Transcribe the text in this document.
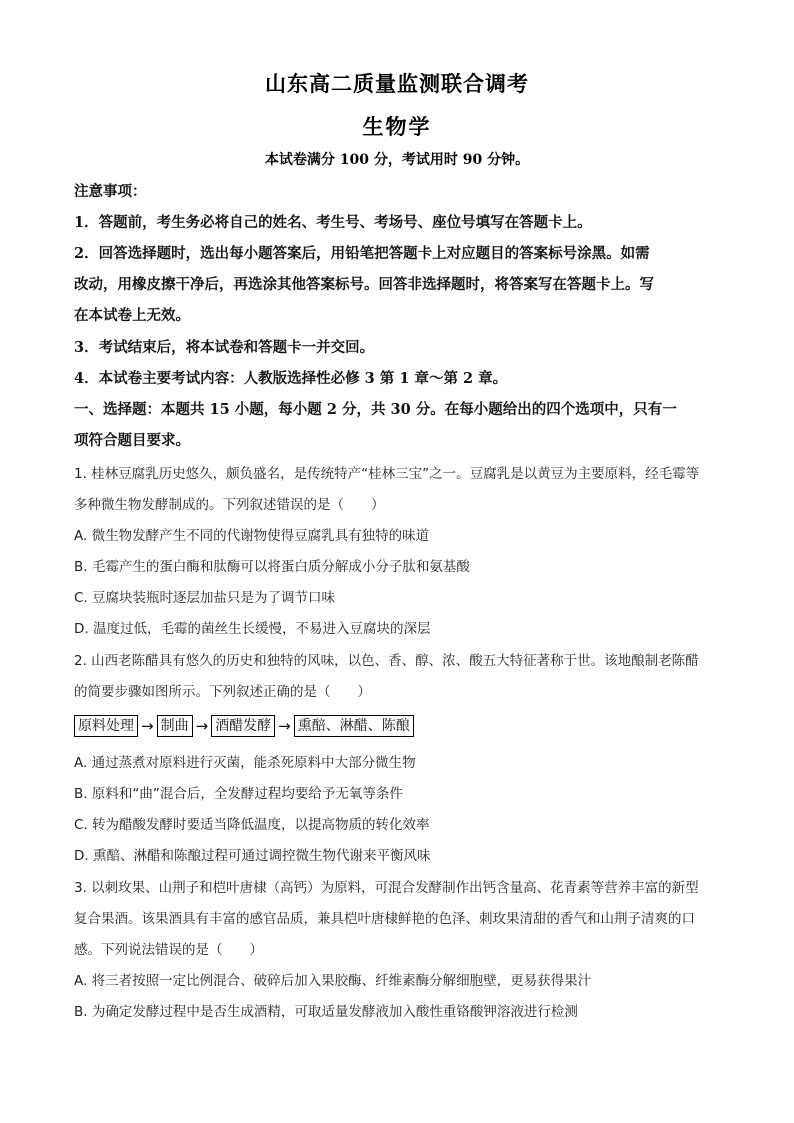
山东高二质量监测联合调考
生物学
本试卷满分 100 分，考试用时 90 分钟。
注意事项：
1．答题前，考生务必将自己的姓名、考生号、考场号、座位号填写在答题卡上。
2．回答选择题时，选出每小题答案后，用铅笔把答题卡上对应题目的答案标号涂黑。如需
改动，用橡皮擦干净后，再选涂其他答案标号。回答非选择题时，将答案写在答题卡上。写
在本试卷上无效。
3．考试结束后，将本试卷和答题卡一并交回。
4．本试卷主要考试内容：人教版选择性必修 3 第 1 章～第 2 章。
一、选择题：本题共 15 小题，每小题 2 分，共 30 分。在每小题给出的四个选项中，只有一
项符合题目要求。
1. 桂林豆腐乳历史悠久，颇负盛名，是传统特产“桂林三宝”之一。豆腐乳是以黄豆为主要原料，经毛霉等
多种微生物发酵制成的。下列叙述错误的是（　　）
A. 微生物发酵产生不同的代谢物使得豆腐乳具有独特的味道
B. 毛霉产生的蛋白酶和肽酶可以将蛋白质分解成小分子肽和氨基酸
C. 豆腐块装瓶时逐层加盐只是为了调节口味
D. 温度过低，毛霉的菌丝生长缓慢，不易进入豆腐块的深层
2. 山西老陈醋具有悠久的历史和独特的风味，以色、香、醇、浓、酸五大特征著称于世。该地酿制老陈醋
的简要步骤如图所示。下列叙述正确的是（　　）
原料处理 → 制曲 → 酒醋发酵 → 熏醅、淋醋、陈酿
A. 通过蒸煮对原料进行灭菌，能杀死原料中大部分微生物
B. 原料和“曲”混合后，全发酵过程均要给予无氧等条件
C. 转为醋酸发酵时要适当降低温度，以提高物质的转化效率
D. 熏醅、淋醋和陈酿过程可通过调控微生物代谢来平衡风味
3. 以刺玫果、山荆子和桤叶唐棣（高钙）为原料，可混合发酵制作出钙含量高、花青素等营养丰富的新型
复合果酒。该果酒具有丰富的感官品质，兼具桤叶唐棣鲜艳的色泽、刺玫果清甜的香气和山荆子清爽的口
感。下列说法错误的是（　　）
A. 将三者按照一定比例混合、破碎后加入果胶酶、纤维素酶分解细胞壁，更易获得果汁
B. 为确定发酵过程中是否生成酒精，可取适量发酵液加入酸性重铬酸钾溶液进行检测
